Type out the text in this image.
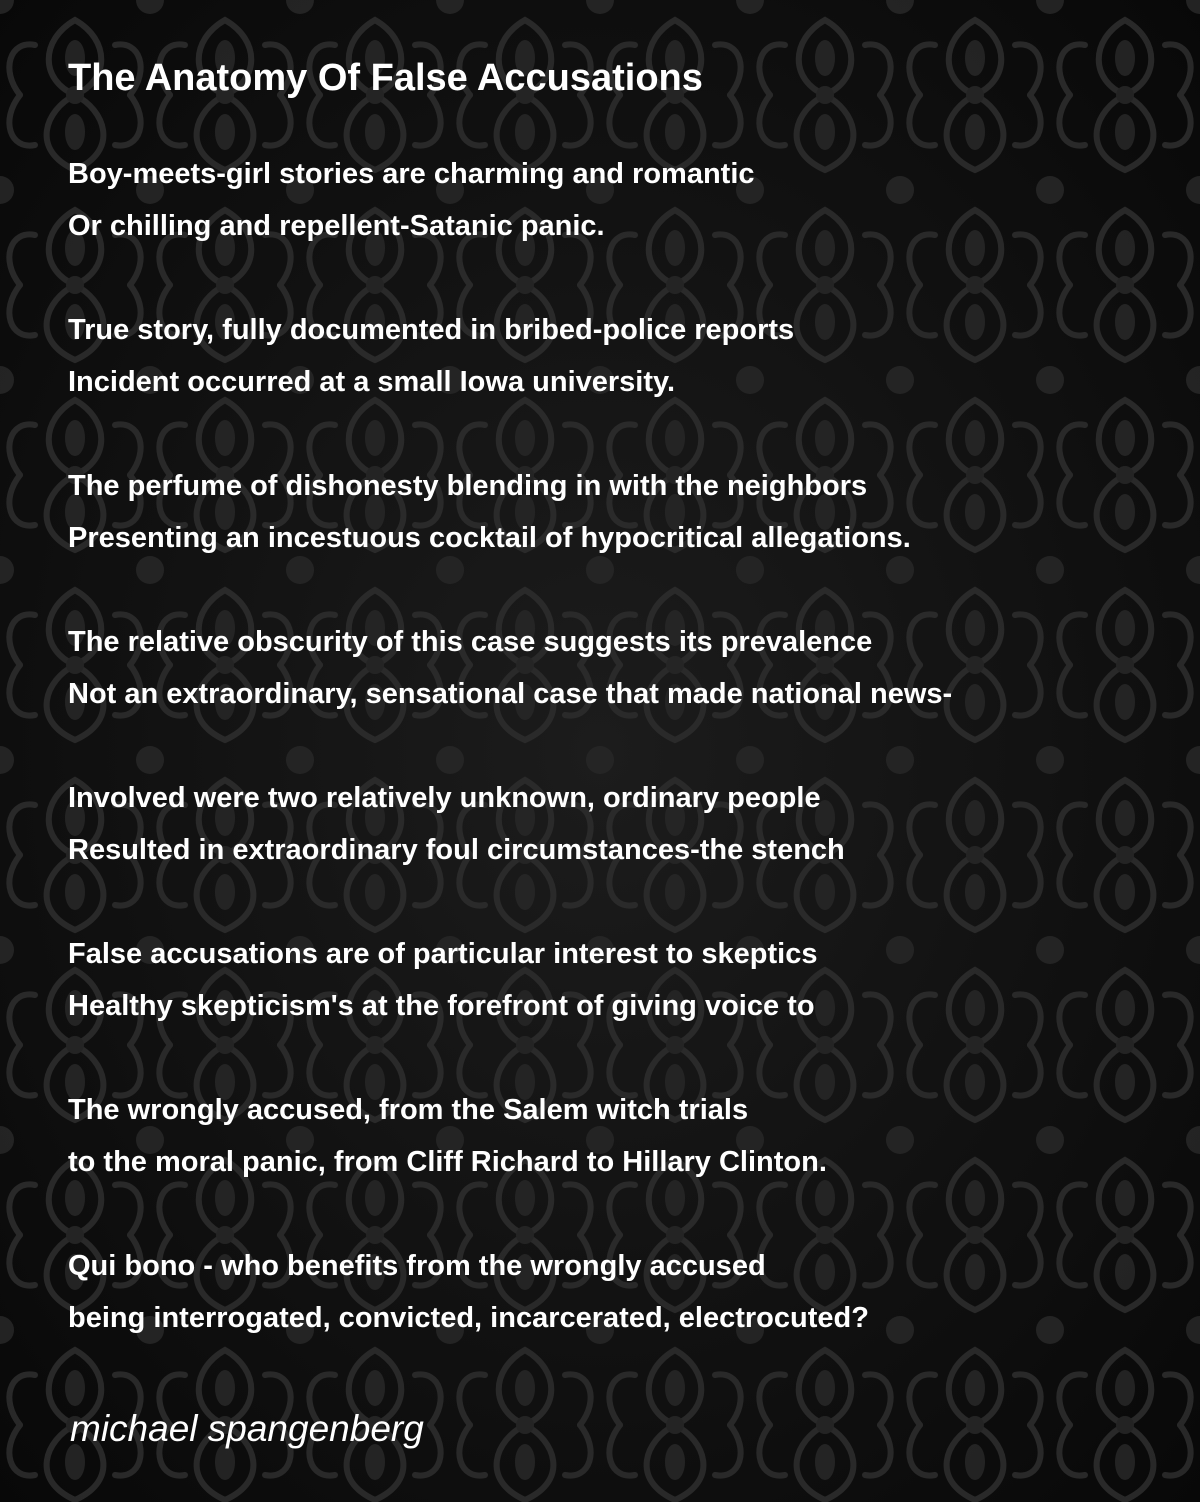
The Anatomy Of False Accusations
Boy-meets-girl stories are charming and romantic
Or chilling and repellent-Satanic panic.
True story, fully documented in bribed-police reports
Incident occurred at a small Iowa university.
The perfume of dishonesty blending in with the neighbors
Presenting an incestuous cocktail of hypocritical allegations.
The relative obscurity of this case suggests its prevalence
Not an extraordinary, sensational case that made national news-
Involved were two relatively unknown, ordinary people
Resulted in extraordinary foul circumstances-the stench
False accusations are of particular interest to skeptics
Healthy skepticism's at the forefront of giving voice to
The wrongly accused, from the Salem witch trials
to the moral panic, from Cliff Richard to Hillary Clinton.
Qui bono - who benefits from the wrongly accused
being interrogated, convicted, incarcerated, electrocuted?

michael spangenberg
